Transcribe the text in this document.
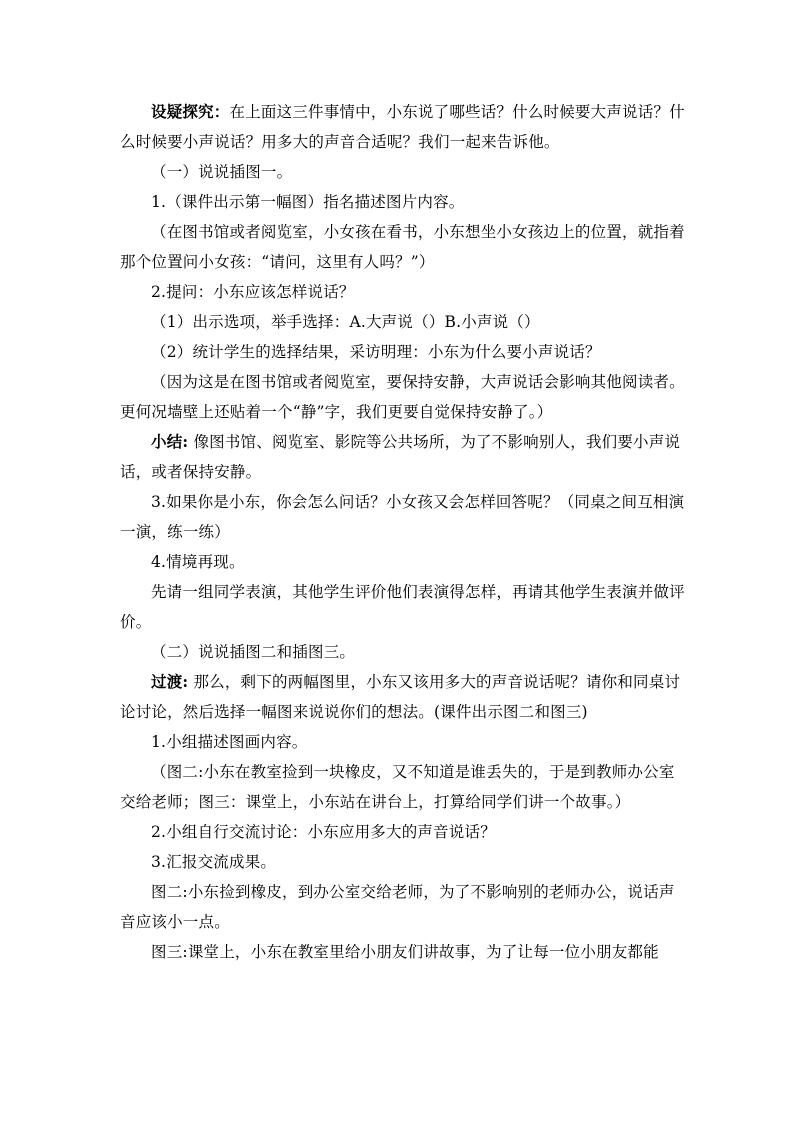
设疑探究：在上面这三件事情中，小东说了哪些话？什么时候要大声说话？什么时候要小声说话？用多大的声音合适呢？我们一起来告诉他。

（一）说说插图一。

1.（课件出示第一幅图）指名描述图片内容。

（在图书馆或者阅览室，小女孩在看书，小东想坐小女孩边上的位置，就指着那个位置问小女孩：“请问，这里有人吗？”）

2.提问：小东应该怎样说话？

（1）出示选项，举手选择：A.大声说（）B.小声说（）

（2）统计学生的选择结果，采访明理：小东为什么要小声说话？

（因为这是在图书馆或者阅览室，要保持安静，大声说话会影响其他阅读者。更何况墙壁上还贴着一个“静”字，我们更要自觉保持安静了。）

小结: 像图书馆、阅览室、影院等公共场所，为了不影响别人，我们要小声说话，或者保持安静。

3.如果你是小东，你会怎么问话？小女孩又会怎样回答呢？（同桌之间互相演一演，练一练）

4.情境再现。

先请一组同学表演，其他学生评价他们表演得怎样，再请其他学生表演并做评价。

（二）说说插图二和插图三。

过渡: 那么，剩下的两幅图里，小东又该用多大的声音说话呢？请你和同桌讨论讨论，然后选择一幅图来说说你们的想法。(课件出示图二和图三)

1.小组描述图画内容。

（图二:小东在教室捡到一块橡皮，又不知道是谁丢失的，于是到教师办公室交给老师；图三：课堂上，小东站在讲台上，打算给同学们讲一个故事。）

2.小组自行交流讨论：小东应用多大的声音说话？

3.汇报交流成果。

图二:小东捡到橡皮，到办公室交给老师，为了不影响别的老师办公，说话声音应该小一点。

图三:课堂上，小东在教室里给小朋友们讲故事，为了让每一位小朋友都能
